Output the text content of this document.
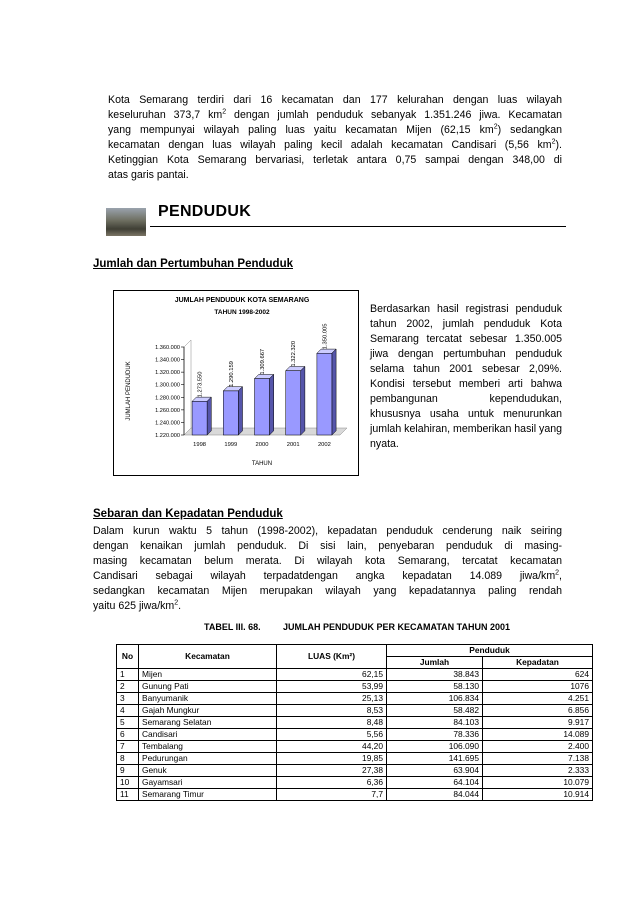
Kota Semarang terdiri dari 16 kecamatan dan 177 kelurahan dengan luas wilayah
keseluruhan 373,7 $km^2$ dengan jumlah penduduk sebanyak 1.351.246 jiwa. Kecamatan
yang mempunyai wilayah paling luas yaitu kecamatan Mijen (62,15 $km^2$) sedangkan
kecamatan dengan luas wilayah paling kecil adalah kecamatan Candisari (5,56 $km^2$).
Ketinggian Kota Semarang bervariasi, terletak antara 0,75 sampai dengan 348,00 di
atas garis pantai.
PENDUDUK
Jumlah dan Pertumbuhan Penduduk
JUMLAH PENDUDUK KOTA SEMARANG
TAHUN 1998-2002
1.220.000
1.240.000
1.260.000
1.280.000
1.300.000
1.320.000
1.340.000
1.360.000
JUMLAH PENDUDUK	1.273.550
1998
1.290.159
1999
1.309.667
2000
1.322.320
2001
1.350.005
2002
TAHUN
Berdasarkan hasil registrasi penduduk tahun 2002, jumlah penduduk Kota Semarang tercatat sebesar 1.350.005 jiwa dengan pertumbuhan penduduk selama tahun 2001 sebesar 2,09%. Kondisi tersebut memberi arti bahwa pembangunan kependudukan, khususnya usaha untuk menurunkan jumlah kelahiran, memberikan hasil yang nyata.
Sebaran dan Kepadatan Penduduk
Dalam kurun waktu 5 tahun (1998-2002), kepadatan penduduk cenderung naik seiring
dengan kenaikan jumlah penduduk. Di sisi lain, penyebaran penduduk di masing-
masing kecamatan belum merata. Di wilayah kota Semarang, tercatat kecamatan
Candisari sebagai wilayah terpadatdengan angka kepadatan 14.089 jiwa/$km^2$,
sedangkan kecamatan Mijen merupakan wilayah yang kepadatannya paling rendah
yaitu 625 jiwa/$km^2$.
TABEL III. 68. JUMLAH PENDUDUK PER KECAMATAN TAHUN 2001
No	Kecamatan	LUAS (Km²)	Penduduk	
			Jumlah	Kepadatan
1	Mijen	62,15	38.843	624
2	Gunung Pati	53,99	58.130	1076
3	Banyumanik	25,13	106.834	4.251
4	Gajah Mungkur	8,53	58.482	6.856
5	Semarang Selatan	8,48	84.103	9.917
6	Candisari	5,56	78.336	14.089
7	Tembalang	44,20	106.090	2.400
8	Pedurungan	19,85	141.695	7.138
9	Genuk	27,38	63.904	2.333
10	Gayamsari	6,36	64.104	10.079
11	Semarang Timur	7,7	84.044	10.914
